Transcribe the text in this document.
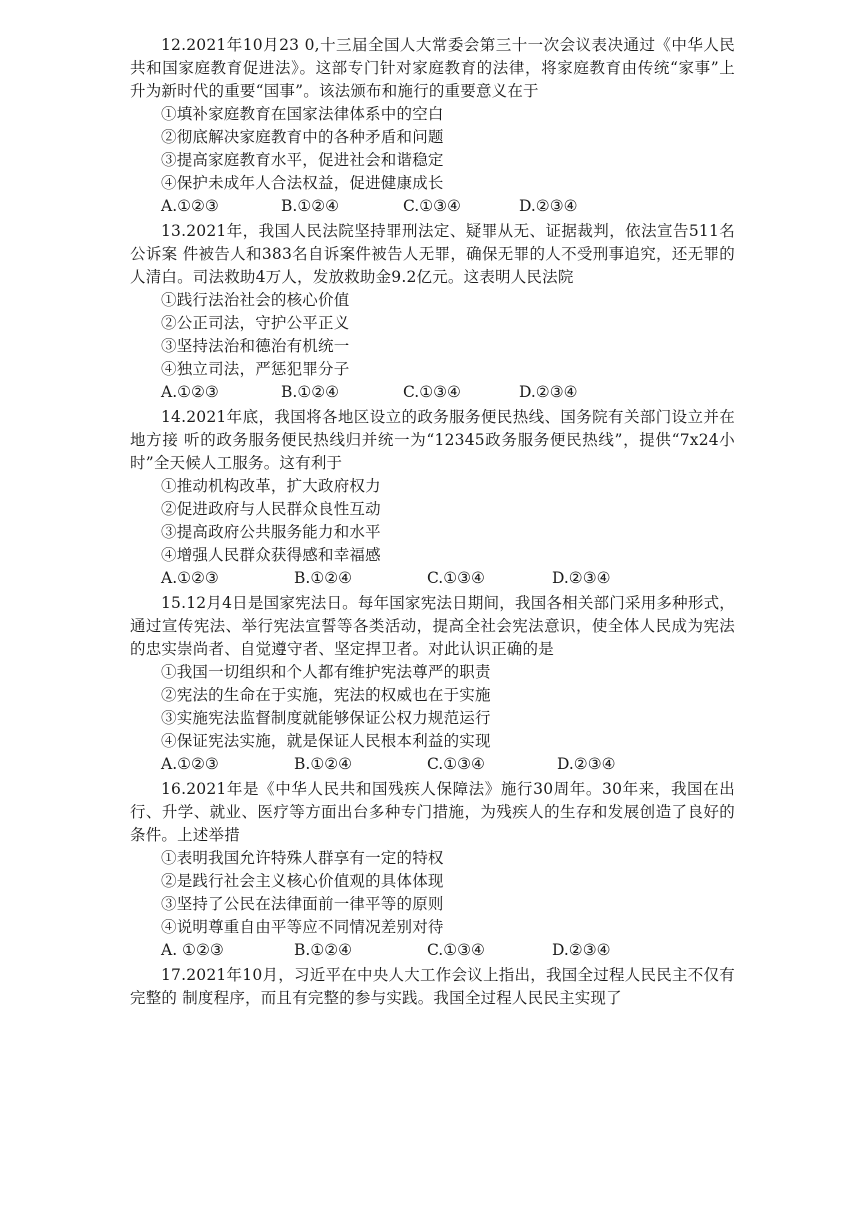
12.2021年10月23 0,十三届全国人大常委会第三十一次会议表决通过《中华人民共和国家庭教育促进法》。这部专门针对家庭教育的法律，将家庭教育由传统“家事”上升为新时代的重要“国事”。该法颁布和施行的重要意义在于

①填补家庭教育在国家法律体系中的空白

②彻底解决家庭教育中的各种矛盾和问题

③提高家庭教育水平，促进社会和谐稳定

④保护未成年人合法权益，促进健康成长

A.①②③	B.①②④	C.①③④	D.②③④

13.2021年，我国人民法院坚持罪刑法定、疑罪从无、证据裁判，依法宣告511名公诉案 件被告人和383名自诉案件被告人无罪，确保无罪的人不受刑事追究，还无罪的人清白。司法救助4万人，发放救助金9.2亿元。这表明人民法院

①践行法治社会的核心价值

②公正司法，守护公平正义

③坚持法治和德治有机统一

④独立司法，严惩犯罪分子

A.①②③	B.①②④	C.①③④	D.②③④

14.2021年底，我国将各地区设立的政务服务便民热线、国务院有关部门设立并在地方接 听的政务服务便民热线归并统一为“12345政务服务便民热线”，提供“7x24小时”全天候人工服务。这有利于

①推动机构改革，扩大政府权力

②促进政府与人民群众良性互动

③提高政府公共服务能力和水平

④增强人民群众获得感和幸福感

A.①②③	B.①②④	C.①③④	D.②③④

15.12月4日是国家宪法日。每年国家宪法日期间，我国各相关部门采用多种形式，通过宣传宪法、举行宪法宣誓等各类活动，提高全社会宪法意识，使全体人民成为宪法的忠实崇尚者、自觉遵守者、坚定捍卫者。对此认识正确的是

①我国一切组织和个人都有维护宪法尊严的职责

②宪法的生命在于实施，宪法的权威也在于实施

③实施宪法监督制度就能够保证公权力规范运行

④保证宪法实施，就是保证人民根本利益的实现

A.①②③	B.①②④	C.①③④	D.②③④

16.2021年是《中华人民共和国残疾人保障法》施行30周年。30年来，我国在出行、升学、就业、医疗等方面出台多种专门措施，为残疾人的生存和发展创造了良好的条件。上述举措

①表明我国允许特殊人群享有一定的特权

②是践行社会主义核心价值观的具体体现

③坚持了公民在法律面前一律平等的原则

④说明尊重自由平等应不同情况差别对待

A. ①②③	B.①②④	C.①③④	D.②③④

17.2021年10月，习近平在中央人大工作会议上指出，我国全过程人民民主不仅有完整的 制度程序，而且有完整的参与实践。我国全过程人民民主实现了
